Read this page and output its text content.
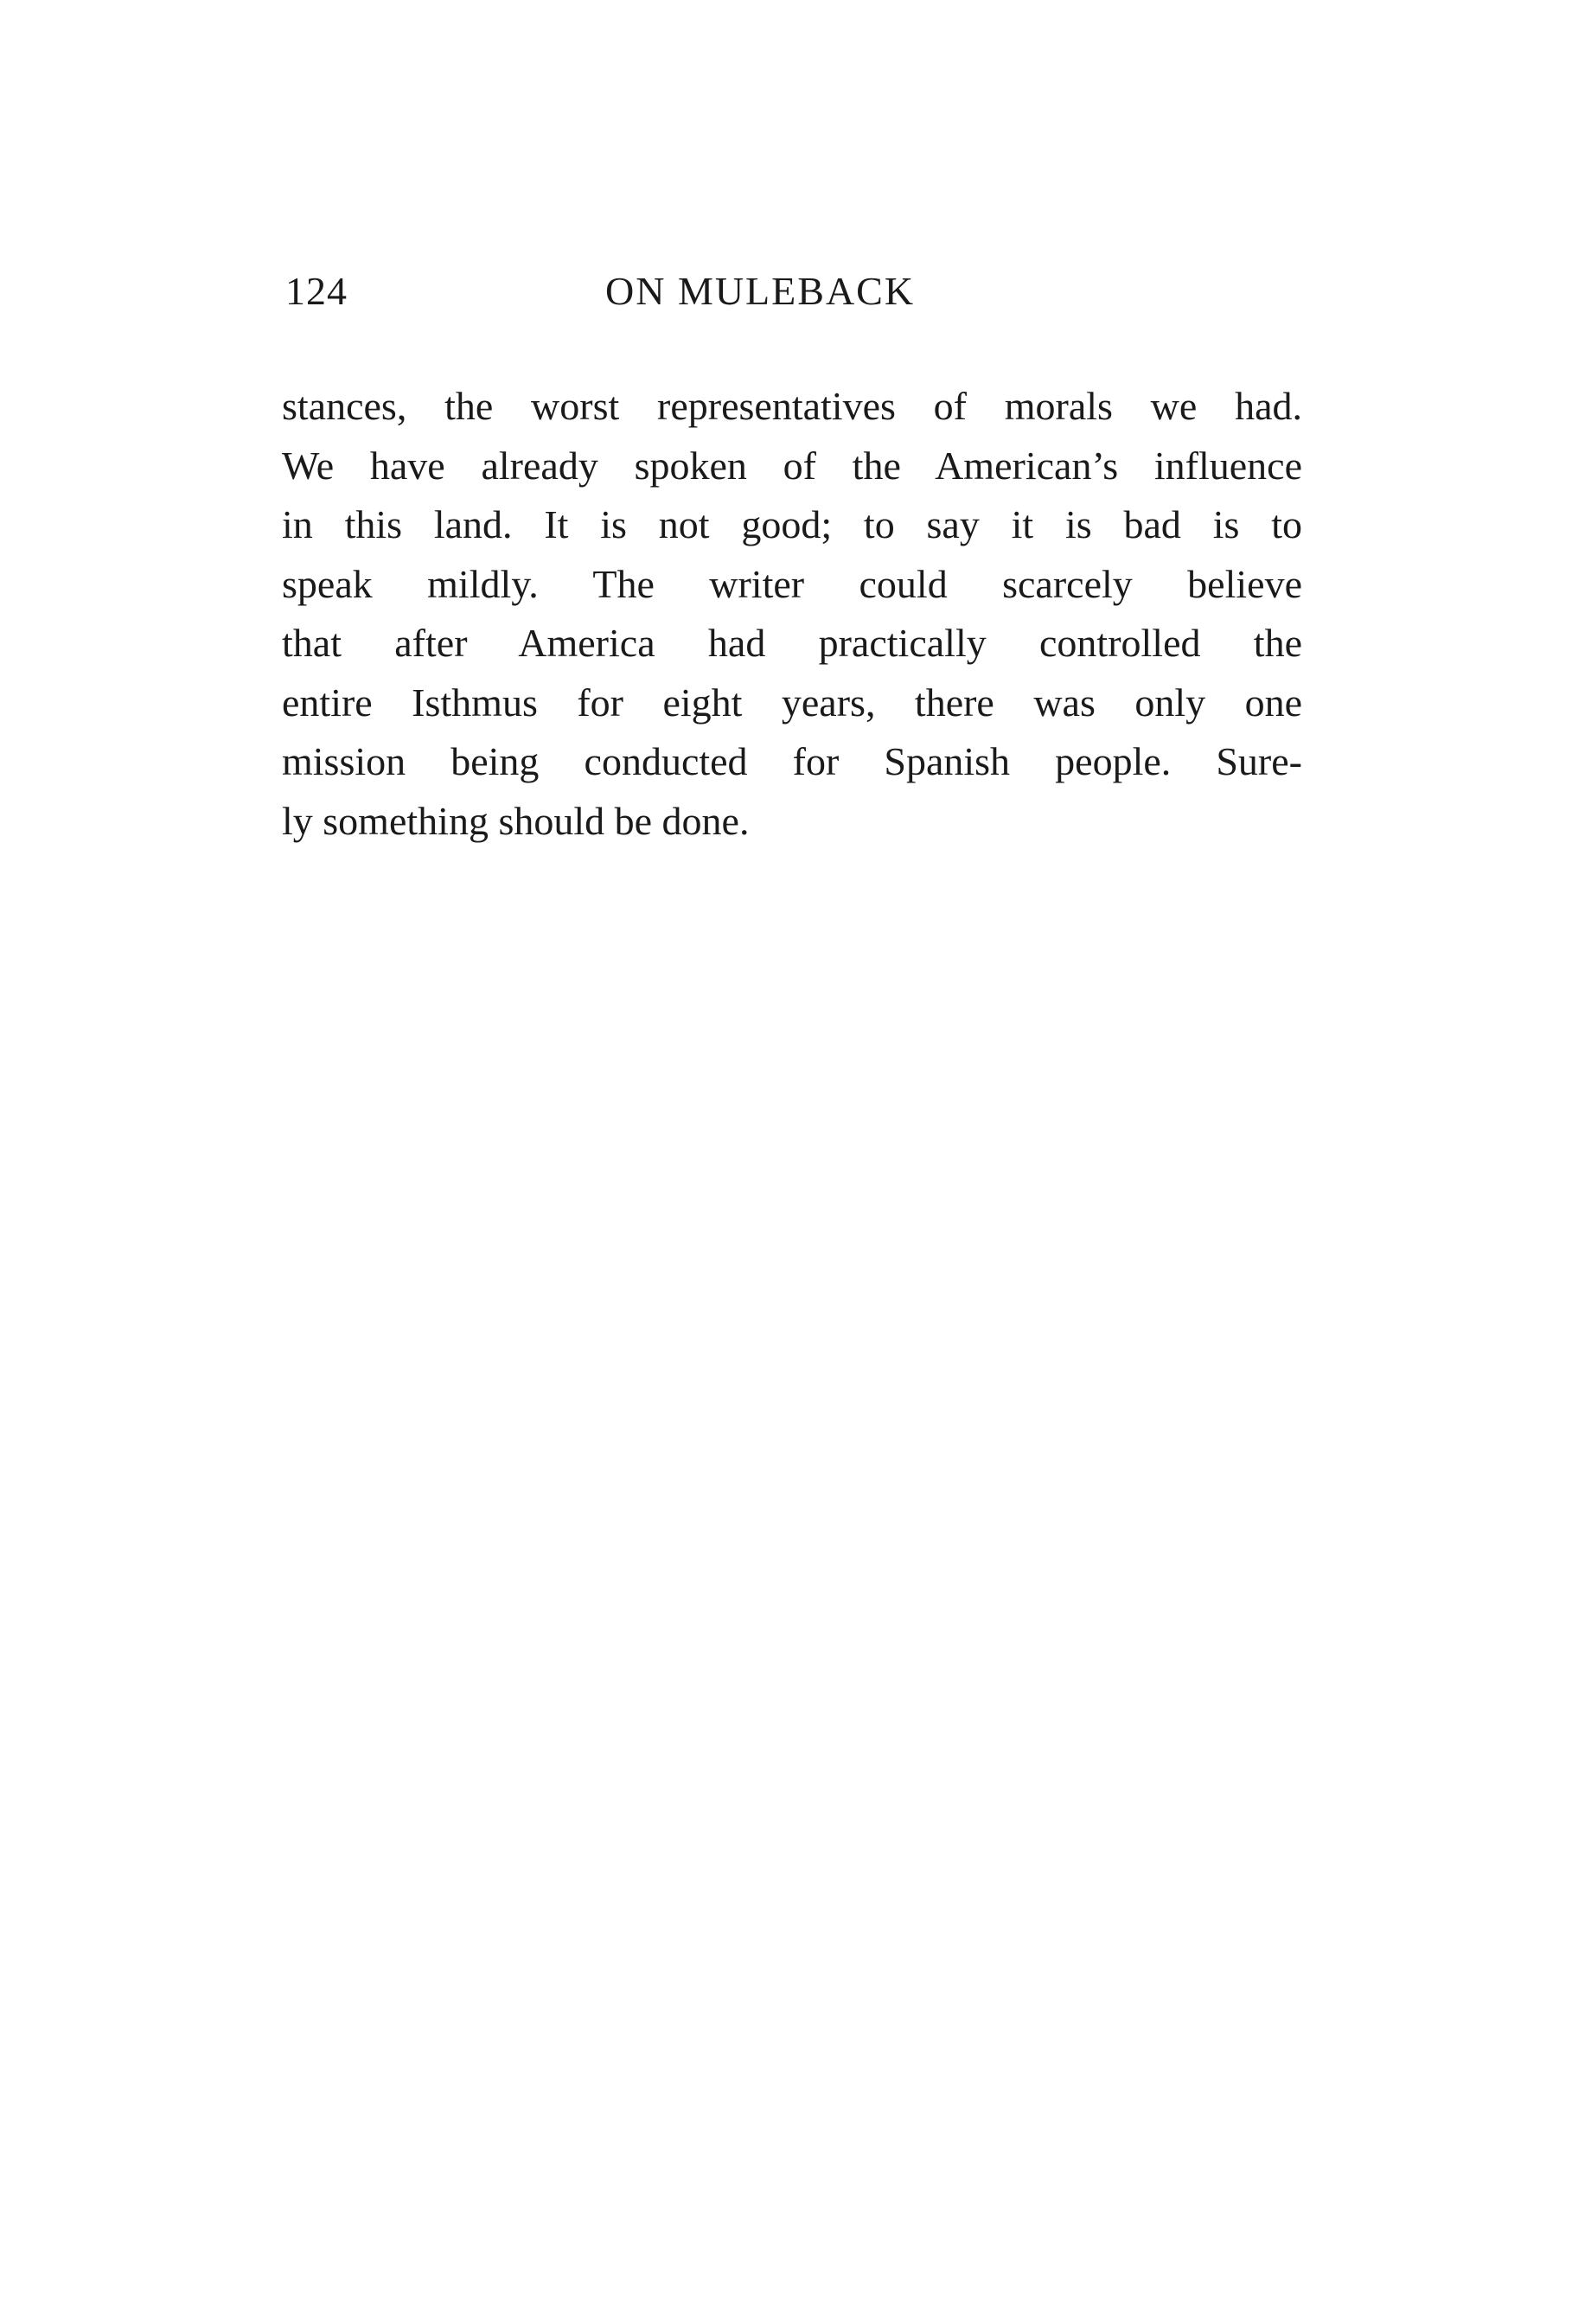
124	ON MULEBACK
stances, the worst representatives of morals we had.
We have already spoken of the American’s influence
in this land. It is not good; to say it is bad is to
speak mildly. The writer could scarcely believe
that after America had practically controlled the
entire Isthmus for eight years, there was only one
mission being conducted for Spanish people. Sure-
ly something should be done.
